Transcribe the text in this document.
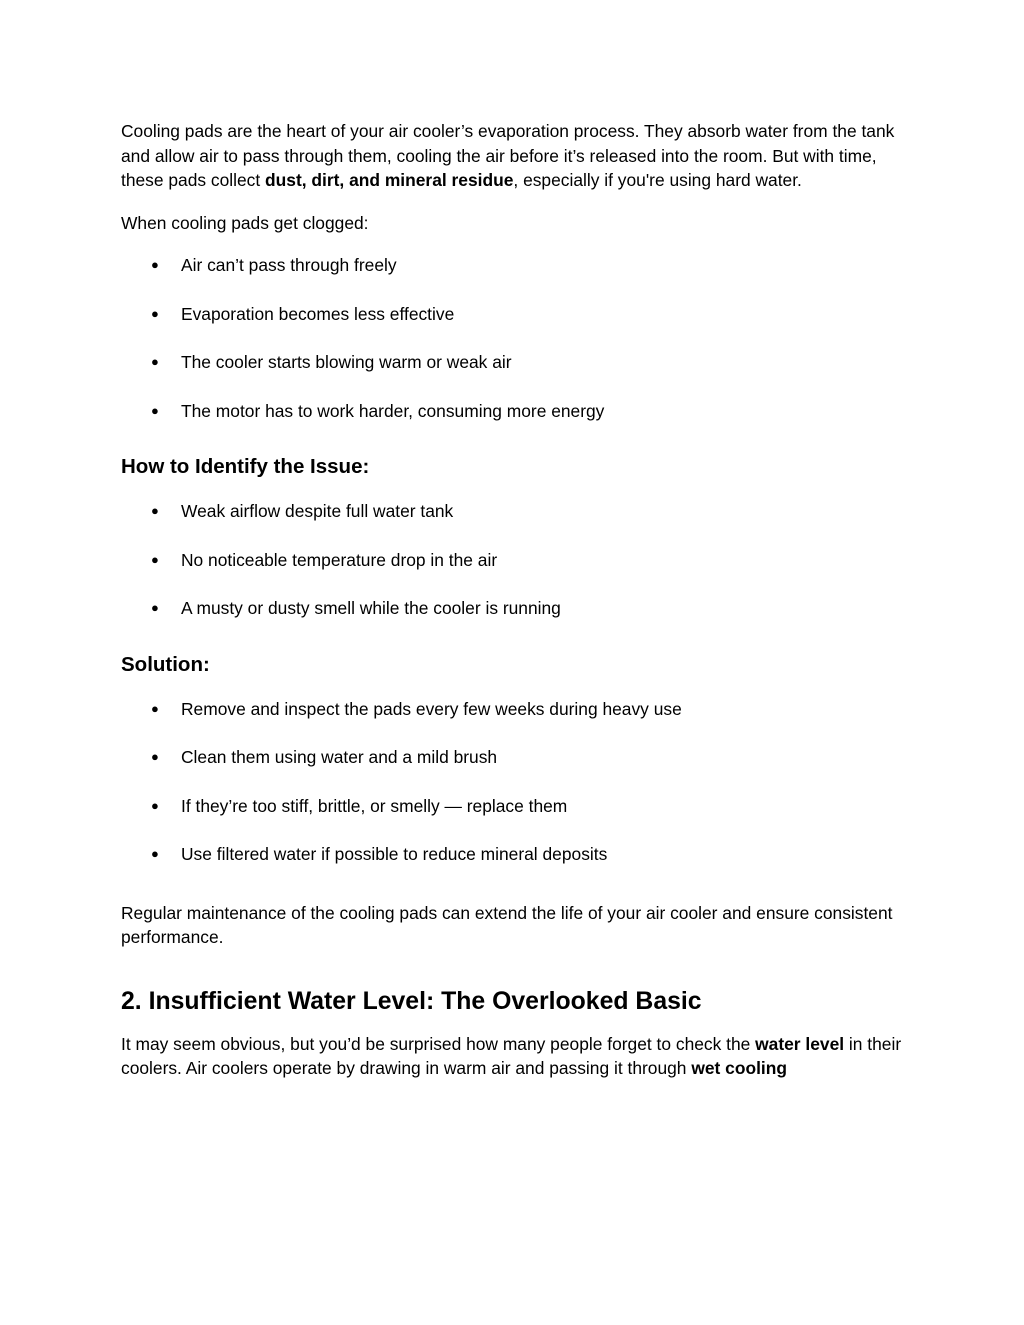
Cooling pads are the heart of your air cooler’s evaporation process. They absorb water from the tank and allow air to pass through them, cooling the air before it’s released into the room. But with time, these pads collect dust, dirt, and mineral residue, especially if you're using hard water.

When cooling pads get clogged:

● Air can’t pass through freely
● Evaporation becomes less effective
● The cooler starts blowing warm or weak air
● The motor has to work harder, consuming more energy
How to Identify the Issue:
● Weak airflow despite full water tank
● No noticeable temperature drop in the air
● A musty or dusty smell while the cooler is running
Solution:
● Remove and inspect the pads every few weeks during heavy use
● Clean them using water and a mild brush
● If they’re too stiff, brittle, or smelly — replace them
● Use filtered water if possible to reduce mineral deposits

Regular maintenance of the cooling pads can extend the life of your air cooler and ensure consistent performance.

2. Insufficient Water Level: The Overlooked Basic

It may seem obvious, but you’d be surprised how many people forget to check the water level in their coolers. Air coolers operate by drawing in warm air and passing it through wet cooling
